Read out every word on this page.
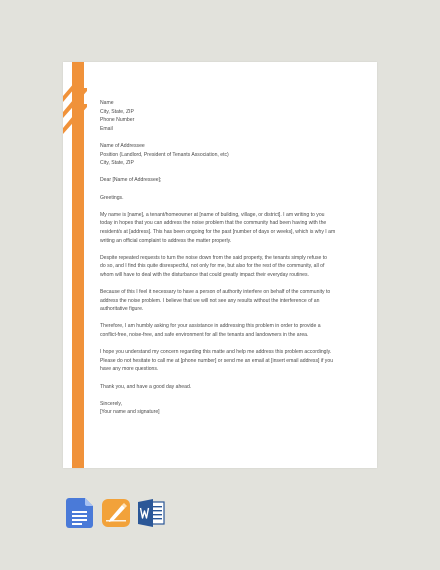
Name
City, State, ZIP
Phone Number
Email
Name of Addressee
Position (Landlord, President of Tenants Association, etc)
City, State, ZIP
Dear [Name of Addressee];
Greetings.

My name is [name], a tenant/homeowner at [name of building, village, or district]. I am writing to you
today in hopes that you can address the noise problem that the community had been having with the
resident/s at [address]. This has been ongoing for the past [number of days or weeks], which is why I am
writing an official complaint to address the matter properly.

Despite repeated requests to turn the noise down from the said property, the tenants simply refuse to
do so, and I find this quite disrespectful, not only for me, but also for the rest of the community, all of
whom will have to deal with the disturbance that could greatly impact their everyday routines.

Because of this I feel it necessary to have a person of authority interfere on behalf of the community to
address the noise problem. I believe that we will not see any results without the interference of an
authoritative figure.

Therefore, I am humbly asking for your assistance in addressing this problem in order to provide a
conflict-free, noise-free, and safe environment for all the tenants and landowners in the area.

I hope you understand my concern regarding this matte and help me address this problem accordingly.
Please do not hesitate to call me at [phone number] or send me an email at [insert email address] if you
have any more questions.

Thank you, and have a good day ahead.

Sincerely,
[Your name and signature]
